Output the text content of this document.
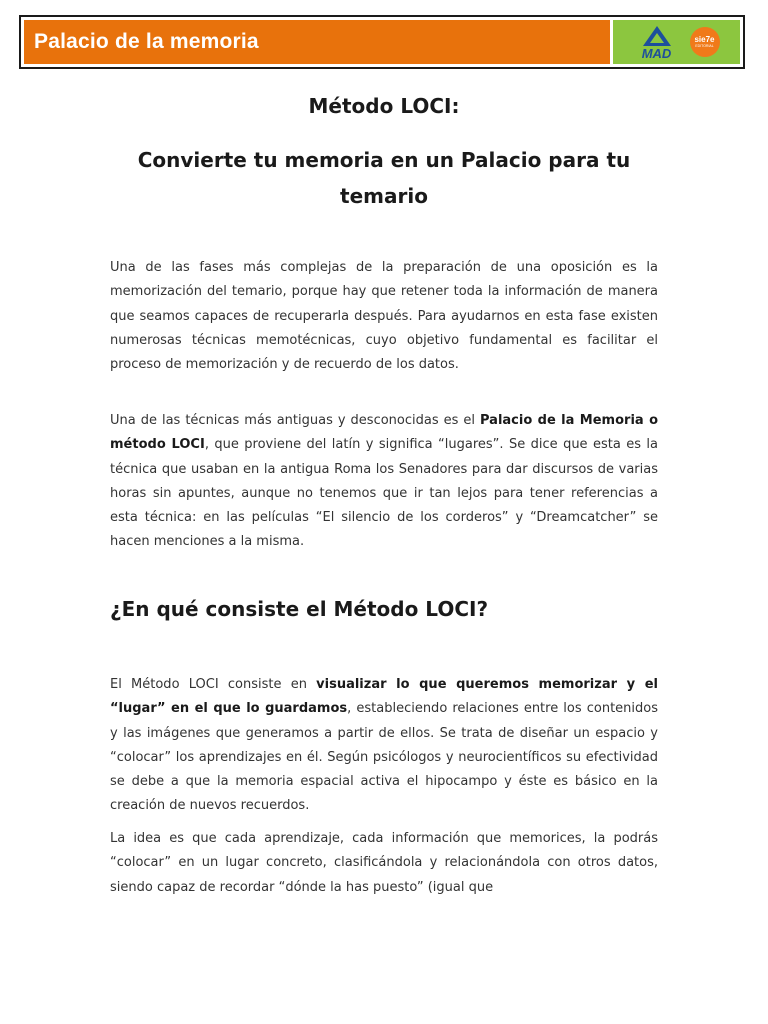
Palacio de la memoria	MAD
sie7e
EDITORIAL
Método LOCI:
Convierte tu memoria en un Palacio para tu temario

Una de las fases más complejas de la preparación de una oposición es la memorización del temario, porque hay que retener toda la información de manera que seamos capaces de recuperarla después. Para ayudarnos en esta fase existen numerosas técnicas memotécnicas, cuyo objetivo fundamental es facilitar el proceso de memorización y de recuerdo de los datos.

Una de las técnicas más antiguas y desconocidas es el Palacio de la Memoria o método LOCI, que proviene del latín y significa “lugares”. Se dice que esta es la técnica que usaban en la antigua Roma los Senadores para dar discursos de varias horas sin apuntes, aunque no tenemos que ir tan lejos para tener referencias a esta técnica: en las películas “El silencio de los corderos” y “Dreamcatcher” se hacen menciones a la misma.

¿En qué consiste el Método LOCI?

El Método LOCI consiste en visualizar lo que queremos memorizar y el “lugar” en el que lo guardamos, estableciendo relaciones entre los contenidos y las imágenes que generamos a partir de ellos. Se trata de diseñar un espacio y “colocar” los aprendizajes en él. Según psicólogos y neurocientíficos su efectividad se debe a que la memoria espacial activa el hipocampo y éste es básico en la creación de nuevos recuerdos.

La idea es que cada aprendizaje, cada información que memorices, la podrás “colocar” en un lugar concreto, clasificándola y relacionándola con otros datos, siendo capaz de recordar “dónde la has puesto” (igual que
